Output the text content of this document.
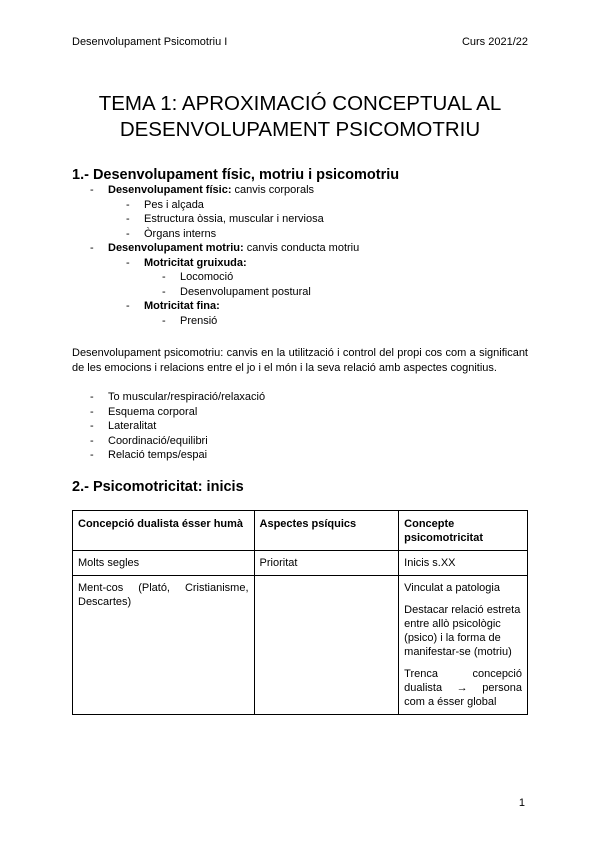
Desenvolupament Psicomotriu I	Curs 2021/22
TEMA 1: APROXIMACIÓ CONCEPTUAL AL
DESENVOLUPAMENT PSICOMOTRIU
1.- Desenvolupament físic, motriu i psicomotriu
- Desenvolupament físic: canvis corporals
- Pes i alçada
- Estructura òssia, muscular i nerviosa
- Òrgans interns
- Desenvolupament motriu: canvis conducta motriu
- Motricitat gruixuda:
- Locomoció
- Desenvolupament postural
- Motricitat fina:
- Prensió

Desenvolupament psicomotriu: canvis en la utilització i control del propi cos com a significant de les emocions i relacions entre el jo i el món i la seva relació amb aspectes cognitius.

- To muscular/respiració/relaxació
- Esquema corporal
- Lateralitat
- Coordinació/equilibri
- Relació temps/espai
2.- Psicomotricitat: inicis
Concepció dualista ésser humà	Aspectes psíquics	Concepte psicomotricitat
Molts segles	Prioritat	Inicis s.XX
Ment-cos (Plató, Cristianisme, Descartes)		Vinculat a patologia

Destacar relació estreta entre allò psicològic (psico) i la forma de manifestar-se (motriu)

Trenca concepció dualista → persona com a ésser global

1
